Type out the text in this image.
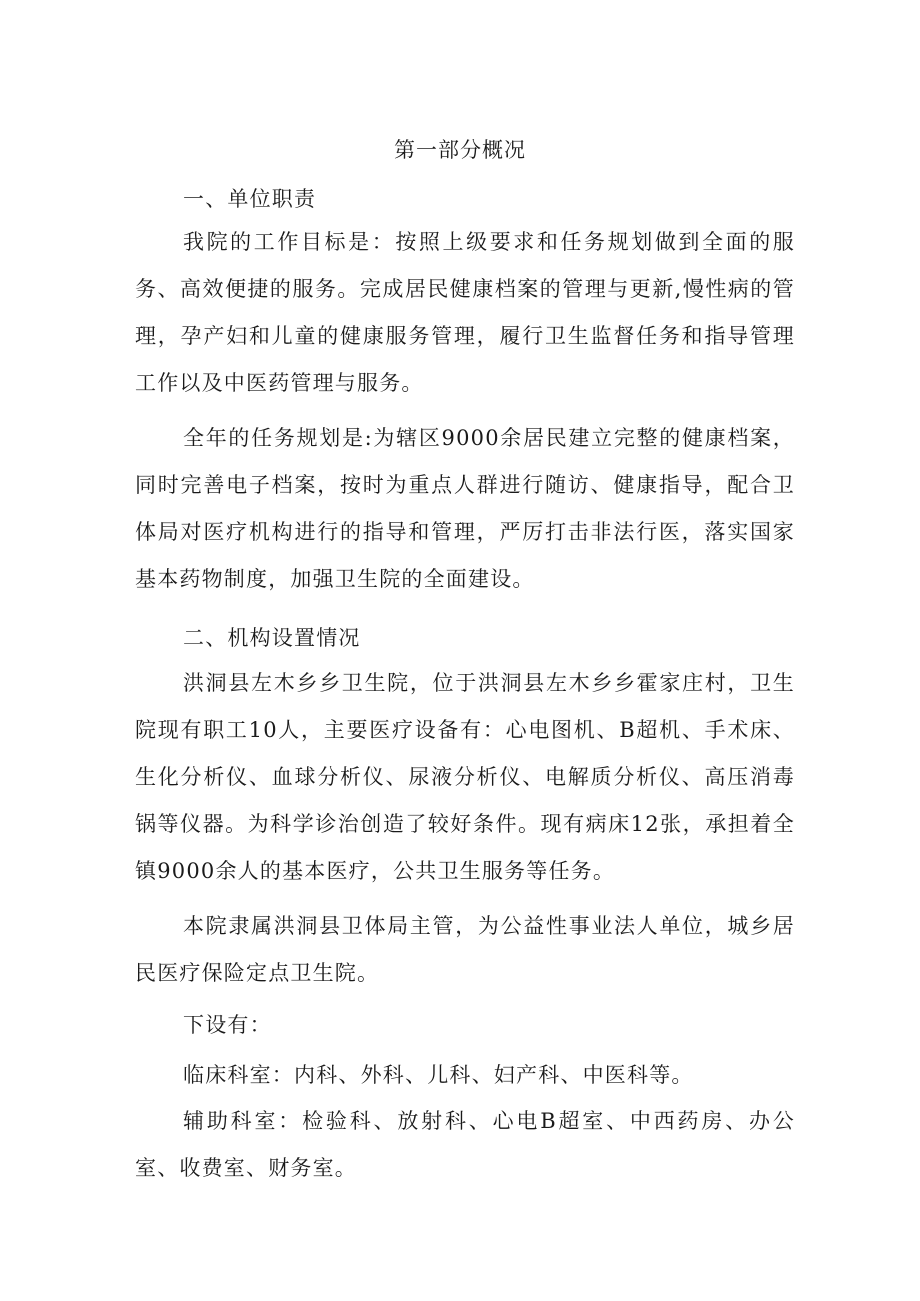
第一部分概况
一、单位职责

我院的工作目标是：按照上级要求和任务规划做到全面的服务、高效便捷的服务。完成居民健康档案的管理与更新,慢性病的管理，孕产妇和儿童的健康服务管理，履行卫生监督任务和指导管理工作以及中医药管理与服务。

全年的任务规划是:为辖区9000余居民建立完整的健康档案，同时完善电子档案，按时为重点人群进行随访、健康指导，配合卫体局对医疗机构进行的指导和管理，严厉打击非法行医，落实国家基本药物制度，加强卫生院的全面建设。

二、机构设置情况

洪洞县左木乡乡卫生院，位于洪洞县左木乡乡霍家庄村，卫生院现有职工10人，主要医疗设备有：心电图机、B超机、手术床、生化分析仪、血球分析仪、尿液分析仪、电解质分析仪、高压消毒锅等仪器。为科学诊治创造了较好条件。现有病床12张，承担着全镇9000余人的基本医疗，公共卫生服务等任务。

本院隶属洪洞县卫体局主管，为公益性事业法人单位，城乡居民医疗保险定点卫生院。

下设有：

临床科室：内科、外科、儿科、妇产科、中医科等。

辅助科室：检验科、放射科、心电B超室、中西药房、办公室、收费室、财务室。
